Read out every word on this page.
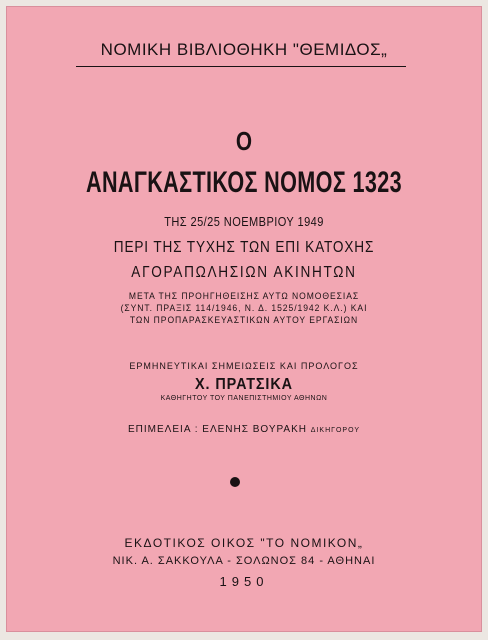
ΝΟΜΙΚΗ ΒΙΒΛΙΟΘΗΚΗ "ΘΕΜΙΔΟΣ„
Ο
ΑΝΑΓΚΑΣΤΙΚΟΣ ΝΟΜΟΣ 1323
ΤΗΣ 25/25 ΝΟΕΜΒΡΙΟΥ 1949
ΠΕΡΙ ΤΗΣ ΤΥΧΗΣ ΤΩΝ ΕΠΙ ΚΑΤΟΧΗΣ
ΑΓΟΡΑΠΩΛΗΣΙΩΝ ΑΚΙΝΗΤΩΝ
ΜΕΤΑ ΤΗΣ ΠΡΟΗΓΗΘΕΙΣΗΣ ΑΥΤΩ ΝΟΜΟΘΕΣΙΑΣ
(ΣΥΝΤ. ΠΡΑΞΙΣ 114/1946, Ν. Δ. 1525/1942 Κ.Λ.) ΚΑΙ
ΤΩΝ ΠΡΟΠΑΡΑΣΚΕΥΑΣΤΙΚΩΝ ΑΥΤΟΥ ΕΡΓΑΣΙΩΝ
ΕΡΜΗΝΕΥΤΙΚΑΙ ΣΗΜΕΙΩΣΕΙΣ ΚΑΙ ΠΡΟΛΟΓΟΣ
Χ. ΠΡΑΤΣΙΚΑ
ΚΑΘΗΓΗΤΟΥ ΤΟΥ ΠΑΝΕΠΙΣΤΗΜΙΟΥ ΑΘΗΝΩΝ
ΕΠΙΜΕΛΕΙΑ : ΕΛΕΝΗΣ ΒΟΥΡΑΚΗ ΔΙΚΗΓΟΡΟΥ
ΕΚΔΟΤΙΚΟΣ ΟΙΚΟΣ "ΤΟ ΝΟΜΙΚΟΝ„
ΝΙΚ. Α. ΣΑΚΚΟΥΛΑ - ΣΟΛΩΝΟΣ 84 - ΑΘΗΝΑΙ
1950
